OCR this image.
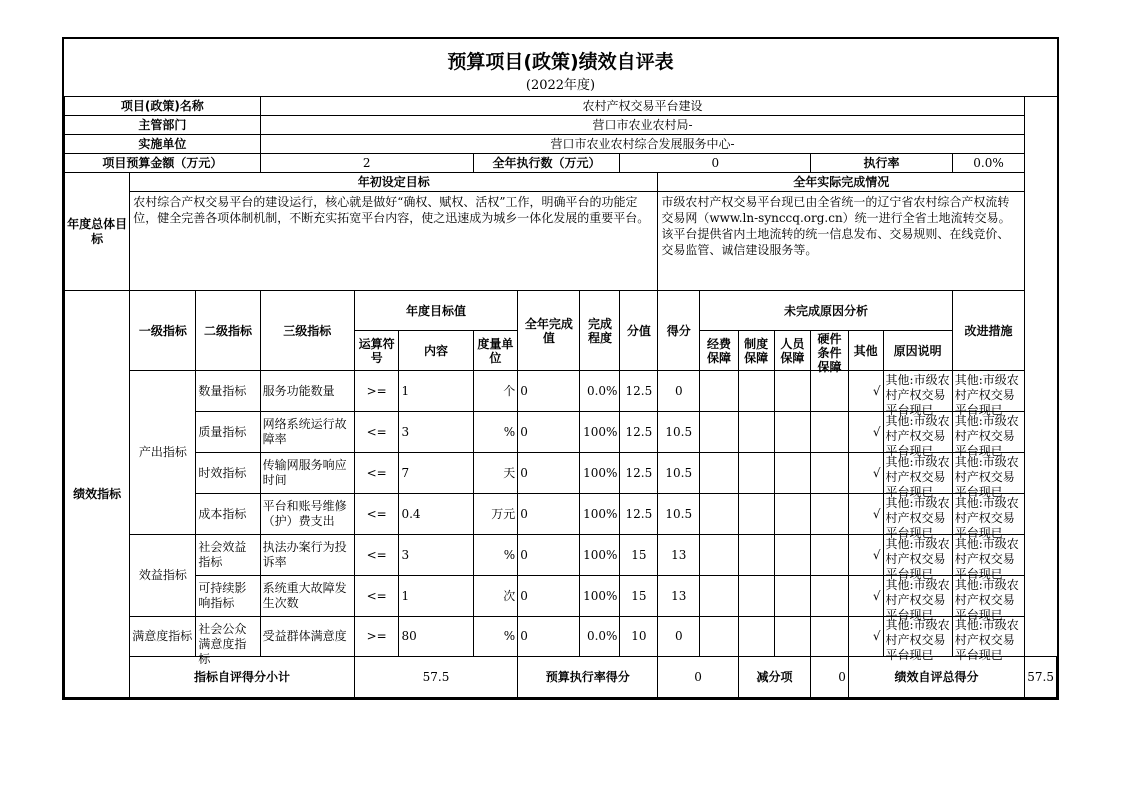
预算项目(政策)绩效自评表
(2022年度)
项目(政策)名称			农村产权交易平台建设															
主管部门			营口市农业农村局-															
实施单位			营口市农业农村综合发展服务中心-															
项目预算金额（万元）			2			全年执行数（万元）			0					执行率			0.0%	
年度总体目标	年初设定目标									全年实际完成情况								
	农村综合产权交易平台的建设运行，核心就是做好“确权、赋权、活权”工作，明确平台的功能定位，健全完善各项体制机制，不断充实拓宽平台内容，使之迅速成为城乡一体化发展的重要平台。									市级农村产权交易平台现已由全省统一的辽宁省农村综合产权流转交易网（www.ln-synccq.org.cn）统一进行全省土地流转交易。该平台提供省内土地流转的统一信息发布、交易规则、在线竞价、交易监管、诚信建设服务等。								
绩效指标	一级指标	二级指标	三级指标	年度目标值			全年完成值	完成程度	分值	得分	未完成原因分析						改进措施	
				运算符号	内容	度量单位					经费保障	制度保障	人员保障	硬件条件保障	其他	原因说明		
	产出指标	数量指标	服务功能数量	>=	1	个	0	0.0%	12.5	0					√	其他:市级农村产权交易平台现已	其他:市级农村产权交易平台现已	

		质量指标	网络系统运行故障率	<=	3	%	0	100%	12.5	10.5					√	其他:市级农村产权交易平台现已	其他:市级农村产权交易平台现已	

		时效指标	传输网服务响应时间	<=	7	天	0	100%	12.5	10.5					√	其他:市级农村产权交易平台现已	其他:市级农村产权交易平台现已	

		成本指标	平台和账号维修（护）费支出	<=	0.4	万元	0	100%	12.5	10.5					√	其他:市级农村产权交易平台现已	其他:市级农村产权交易平台现已	

	效益指标	社会效益指标	执法办案行为投诉率	<=	3	%	0	100%	15	13					√	其他:市级农村产权交易平台现已	其他:市级农村产权交易平台现已	

		可持续影响指标	系统重大故障发生次数	<=	1	次	0	100%	15	13					√	其他:市级农村产权交易平台现已	其他:市级农村产权交易平台现已	

	满意度指标	社会公众满意度指标	受益群体满意度	>=	80	%	0	0.0%	10	0					√	其他:市级农村产权交易平台现已	其他:市级农村产权交易平台现已	

	指标自评得分小计			57.5			预算执行率得分			0		减分项		0	绩效自评总得分			57.5
